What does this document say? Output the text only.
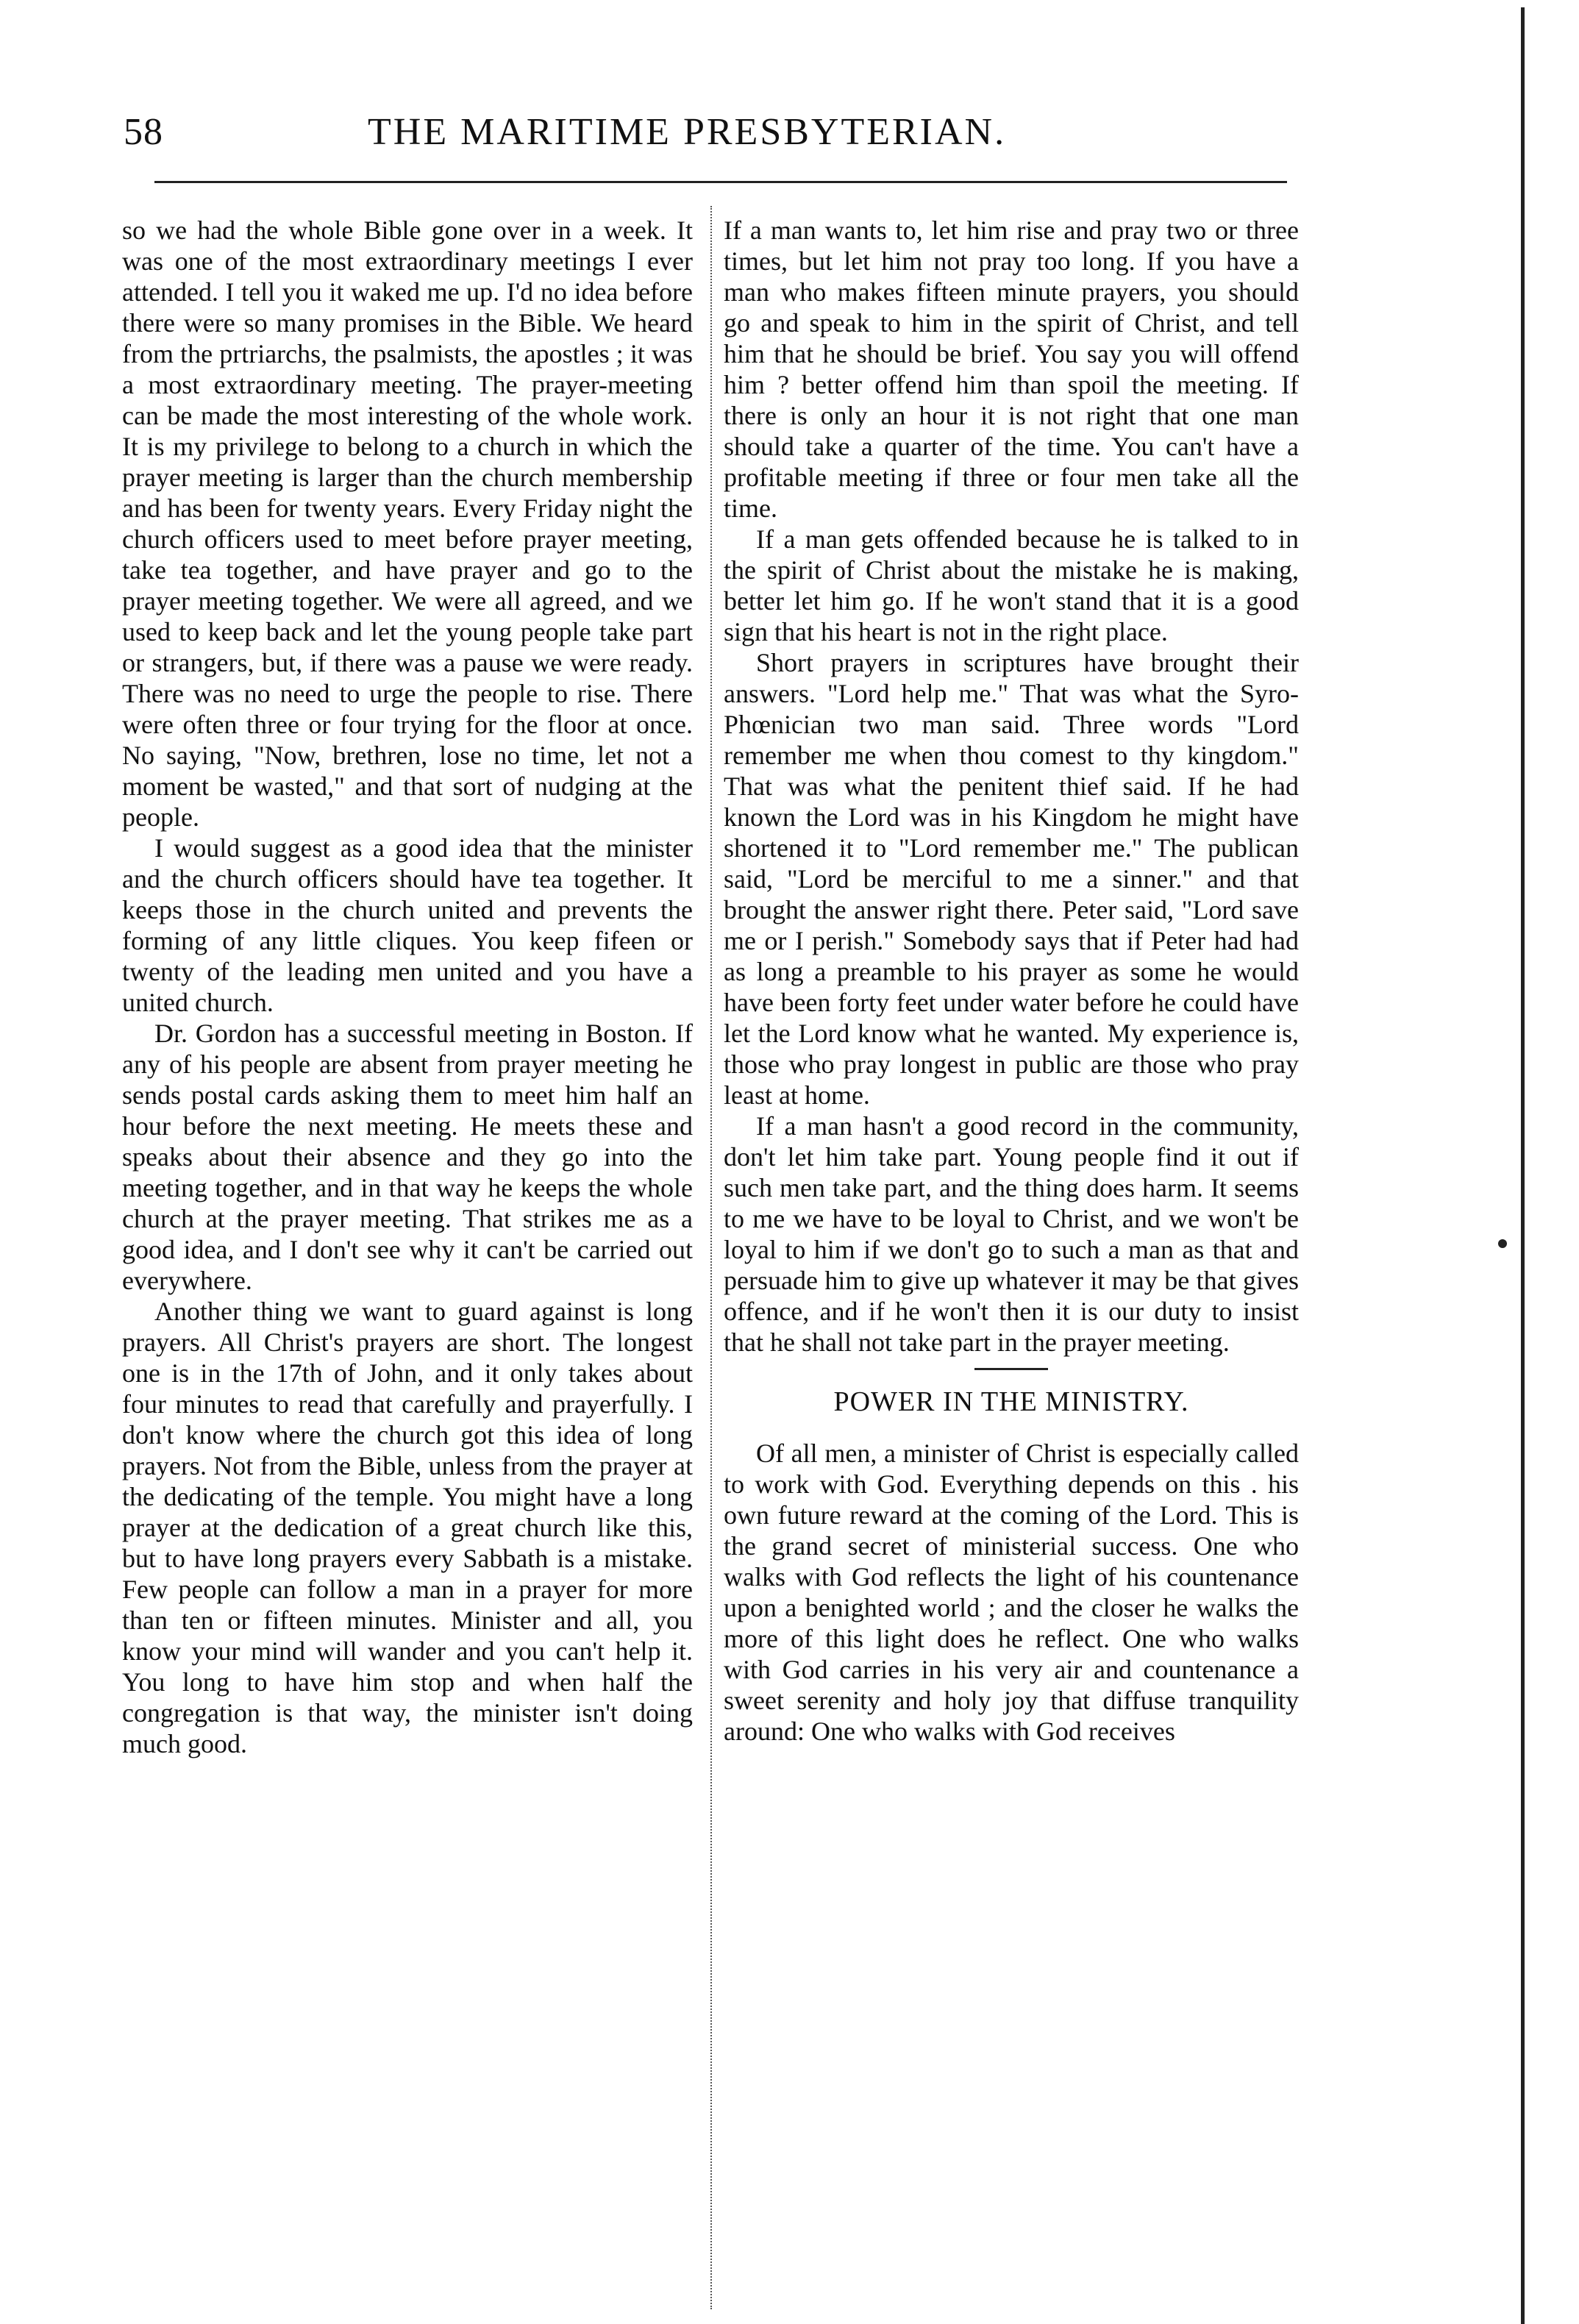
58	THE MARITIME PRESBYTERIAN.

so we had the whole Bible gone over in a week. It was one of the most extraordinary meetings I ever attended. I tell you it waked me up. I'd no idea before there were so many promises in the Bible. We heard from the prtriarchs, the psalmists, the apostles ; it was a most extraordinary meeting. The prayer-meeting can be made the most interesting of the whole work. It is my privilege to belong to a church in which the prayer meeting is larger than the church membership and has been for twenty years. Every Friday night the church officers used to meet before prayer meeting, take tea together, and have prayer and go to the prayer meeting together. We were all agreed, and we used to keep back and let the young people take part or strangers, but, if there was a pause we were ready. There was no need to urge the people to rise. There were often three or four trying for the floor at once. No saying, "Now, brethren, lose no time, let not a moment be wasted," and that sort of nudging at the people.

I would suggest as a good idea that the minister and the church officers should have tea together. It keeps those in the church united and prevents the forming of any little cliques. You keep fifeen or twenty of the leading men united and you have a united church.

Dr. Gordon has a successful meeting in Boston. If any of his people are absent from prayer meeting he sends postal cards asking them to meet him half an hour before the next meeting. He meets these and speaks about their absence and they go into the meeting together, and in that way he keeps the whole church at the prayer meeting. That strikes me as a good idea, and I don't see why it can't be carried out everywhere.

Another thing we want to guard against is long prayers. All Christ's prayers are short. The longest one is in the 17th of John, and it only takes about four minutes to read that carefully and prayerfully. I don't know where the church got this idea of long prayers. Not from the Bible, unless from the prayer at the dedicating of the temple. You might have a long prayer at the dedication of a great church like this, but to have long prayers every Sabbath is a mistake. Few people can follow a man in a prayer for more than ten or fifteen minutes. Minister and all, you know your mind will wander and you can't help it. You long to have him stop and when half the congregation is that way, the minister isn't doing much good.

If a man wants to, let him rise and pray two or three times, but let him not pray too long. If you have a man who makes fifteen minute prayers, you should go and speak to him in the spirit of Christ, and tell him that he should be brief. You say you will offend him ? better offend him than spoil the meeting. If there is only an hour it is not right that one man should take a quarter of the time. You can't have a profitable meeting if three or four men take all the time.

If a man gets offended because he is talked to in the spirit of Christ about the mistake he is making, better let him go. If he won't stand that it is a good sign that his heart is not in the right place.

Short prayers in scriptures have brought their answers. "Lord help me." That was what the Syro-Phœnician two man said. Three words "Lord remember me when thou comest to thy kingdom." That was what the penitent thief said. If he had known the Lord was in his Kingdom he might have shortened it to "Lord remember me." The publican said, "Lord be merciful to me a sinner." and that brought the answer right there. Peter said, "Lord save me or I perish." Somebody says that if Peter had had as long a preamble to his prayer as some he would have been forty feet under water before he could have let the Lord know what he wanted. My experience is, those who pray longest in public are those who pray least at home.

If a man hasn't a good record in the community, don't let him take part. Young people find it out if such men take part, and the thing does harm. It seems to me we have to be loyal to Christ, and we won't be loyal to him if we don't go to such a man as that and persuade him to give up whatever it may be that gives offence, and if he won't then it is our duty to insist that he shall not take part in the prayer meeting.

POWER IN THE MINISTRY.

Of all men, a minister of Christ is especially called to work with God. Everything depends on this . his own future reward at the coming of the Lord. This is the grand secret of ministerial success. One who walks with God reflects the light of his countenance upon a benighted world ; and the closer he walks the more of this light does he reflect. One who walks with God carries in his very air and countenance a sweet serenity and holy joy that diffuse tranquility around: One who walks with God receives
